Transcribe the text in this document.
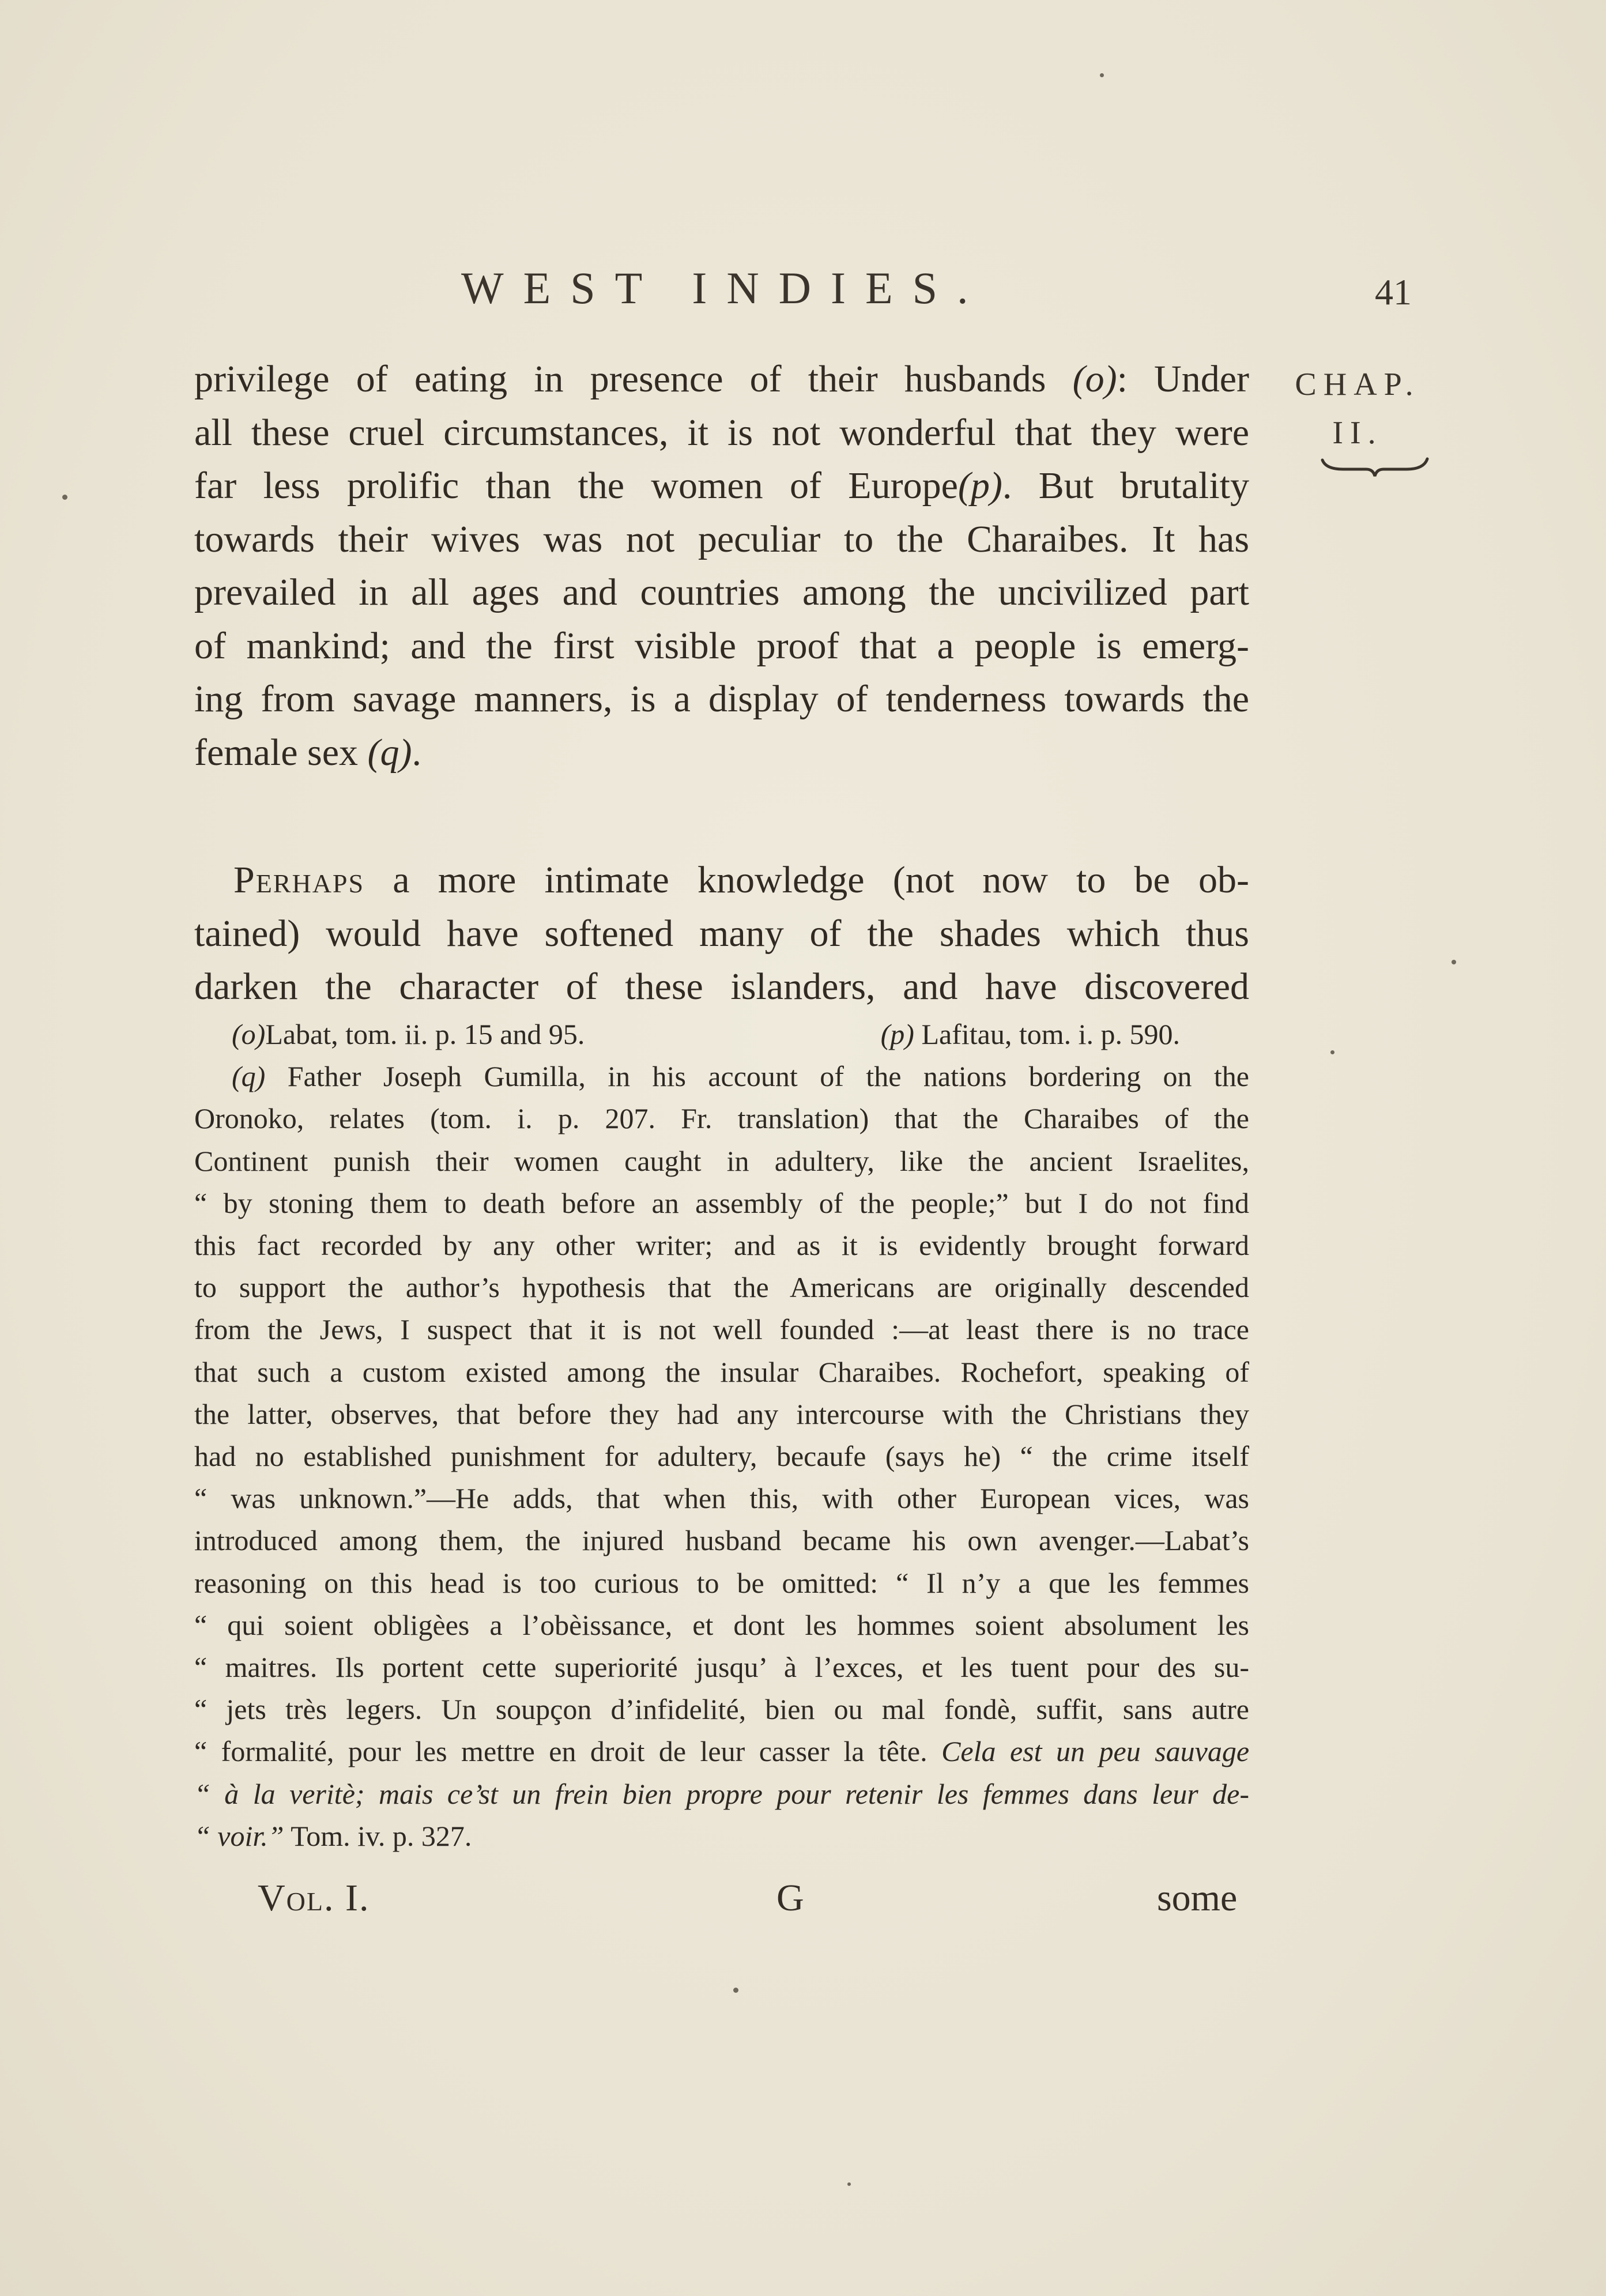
WEST INDIES.	41
CHAP.
II.
privilege of eating in presence of their husbands (o): Under
all these cruel circumstances, it is not wonderful that they were
far less prolific than the women of Europe(p). But brutality
towards their wives was not peculiar to the Charaibes. It has
prevailed in all ages and countries among the uncivilized part
of mankind; and the first visible proof that a people is emerg-
ing from savage manners, is a display of tenderness towards the
female sex (q).
Perhaps a more intimate knowledge (not now to be ob-
tained) would have softened many of the shades which thus
darken the character of these islanders, and have discovered
(o)Labat, tom. ii. p. 15 and 95.	(p) Lafitau, tom. i. p. 590.
(q) Father Joseph Gumilla, in his account of the nations bordering on the
Oronoko, relates (tom. i. p. 207. Fr. translation) that the Charaibes of the
Continent punish their women caught in adultery, like the ancient Israelites,
“ by stoning them to death before an assembly of the people;” but I do not find
this fact recorded by any other writer; and as it is evidently brought forward
to support the author’s hypothesis that the Americans are originally descended
from the Jews, I suspect that it is not well founded :—at least there is no trace
that such a custom existed among the insular Charaibes. Rochefort, speaking of
the latter, observes, that before they had any intercourse with the Christians they
had no established punishment for adultery, becaufe (says he) “ the crime itself
“ was unknown.”—He adds, that when this, with other European vices, was
introduced among them, the injured husband became his own avenger.—Labat’s
reasoning on this head is too curious to be omitted: “ Il n’y a que les femmes
“ qui soient obligèes a l’obèissance, et dont les hommes soient absolument les
“ maitres. Ils portent cette superiorité jusqu’ à l’exces, et les tuent pour des su-
“ jets très legers. Un soupçon d’infidelité, bien ou mal fondè, suffit, sans autre
“ formalité, pour les mettre en droit de leur casser la tête. Cela est un peu sauvage
“ à la veritè; mais ce’st un frein bien propre pour retenir les femmes dans leur de-
“ voir.” Tom. iv. p. 327.
Vol. I.	G	some
